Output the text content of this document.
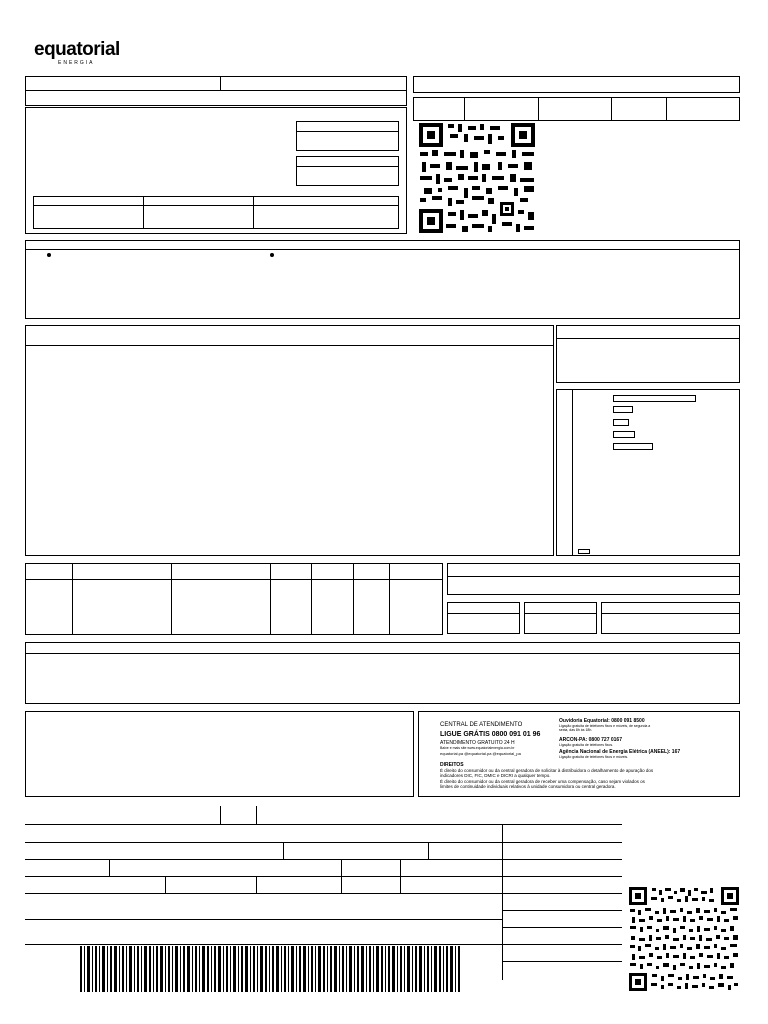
equatorial
ENERGIA
CENTRAL DE ATENDIMENTO
LIGUE GRÁTIS 0800 091 01 96
ATENDIMENTO GRATUITO 24 H
Baixe e mais site www.equatorialenergia.com.br
equatorial.pa @equatorial.pa @equatorial_pa
Ouvidoria Equatorial: 0800 091 8500
Ligação gratuita de telefones fixos e móveis, de segunda a sexta, das 8h às 18h.
ARCON-PA: 0800 727 0167
Ligação gratuita de telefones fixos.
Agência Nacional de Energia Elétrica (ANEEL): 167
Ligação gratuita de telefones fixos e móveis.
DIREITOS
É direito do consumidor ou da central geradora de solicitar à distribuidora o detalhamento de apuração dos
indicadores DIC, FIC, DMIC e DICRI a qualquer tempo.
É direito do consumidor ou da central geradora de receber uma compensação, caso sejam violados os
limites de continuidade individuais relativos à unidade consumidora ou central geradora.
